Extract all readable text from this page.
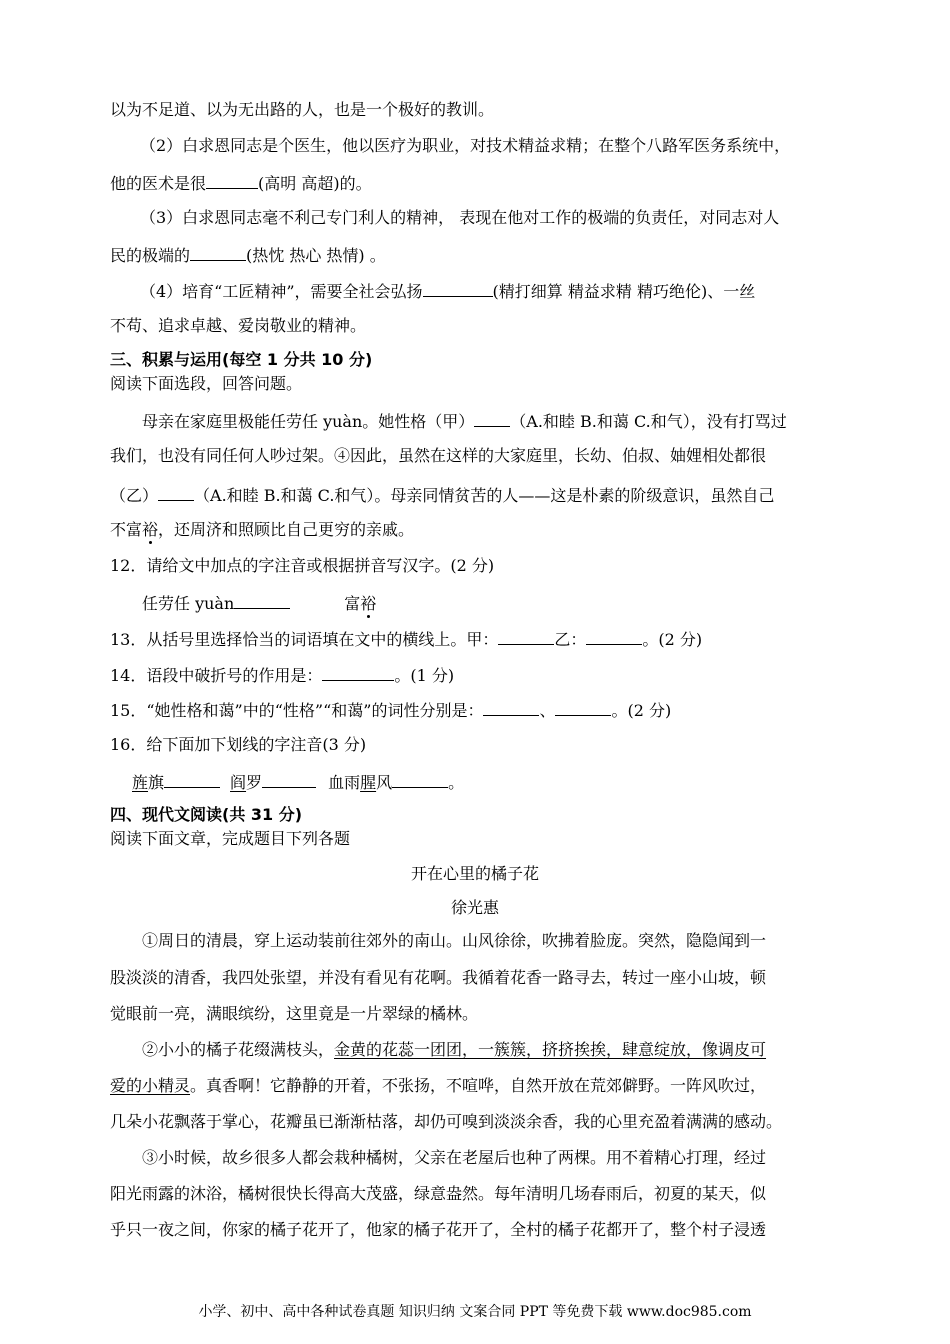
以为不足道、以为无出路的人，也是一个极好的教训。
（2）白求恩同志是个医生，他以医疗为职业，对技术精益求精；在整个八路军医务系统中，
他的医术是很	(高明 高超)的。
（3）白求恩同志毫不利己专门利人的精神， 表现在他对工作的极端的负责任，对同志对人
民的极端的	(热忱 热心 热情) 。
（4）培育“工匠精神”，需要全社会弘扬	(精打细算 精益求精 精巧绝伦)、一丝
不苟、追求卓越、爱岗敬业的精神。
三、积累与运用(每空 1 分共 10 分)
阅读下面选段，回答问题。
母亲在家庭里极能任劳任 yuàn。她性格（甲） （A.和睦 B.和蔼 C.和气），没有打骂过
我们，也没有同任何人吵过架。④因此，虽然在这样的大家庭里，长幼、伯叔、妯娌相处都很
（乙） （A.和睦 B.和蔼 C.和气）。母亲同情贫苦的人——这是朴素的阶级意识，虽然自己
不富裕，还周济和照顾比自己更穷的亲戚。
12．请给文中加点的字注音或根据拼音写汉字。(2 分)
任劳任 yuàn	富裕
13．从括号里选择恰当的词语填在文中的横线上。甲：	乙：	。(2 分)
14．语段中破折号的作用是：	。(1 分)
15．“她性格和蔼”中的“性格”“和蔼”的词性分别是：	、	。(2 分)
16．给下面加下划线的字注音(3 分)
旌旗	阎罗	血雨腥风	。
四、现代文阅读(共 31 分)
阅读下面文章，完成题目下列各题
开在心里的橘子花
徐光惠
①周日的清晨，穿上运动装前往郊外的南山。山风徐徐，吹拂着脸庞。突然，隐隐闻到一
股淡淡的清香，我四处张望，并没有看见有花啊。我循着花香一路寻去，转过一座小山坡，顿
觉眼前一亮，满眼缤纷，这里竟是一片翠绿的橘林。
②小小的橘子花缀满枝头，金黄的花蕊一团团，一簇簇，挤挤挨挨，肆意绽放，像调皮可
爱的小精灵。真香啊！它静静的开着，不张扬，不喧哗，自然开放在荒郊僻野。一阵风吹过，
几朵小花飘落于掌心，花瓣虽已渐渐枯落，却仍可嗅到淡淡余香，我的心里充盈着满满的感动。
③小时候，故乡很多人都会栽种橘树，父亲在老屋后也种了两棵。用不着精心打理，经过
阳光雨露的沐浴，橘树很快长得高大茂盛，绿意盎然。每年清明几场春雨后，初夏的某天，似
乎只一夜之间，你家的橘子花开了，他家的橘子花开了，全村的橘子花都开了，整个村子浸透
小学、初中、高中各种试卷真题 知识归纳 文案合同 PPT 等免费下载 www.doc985.com
